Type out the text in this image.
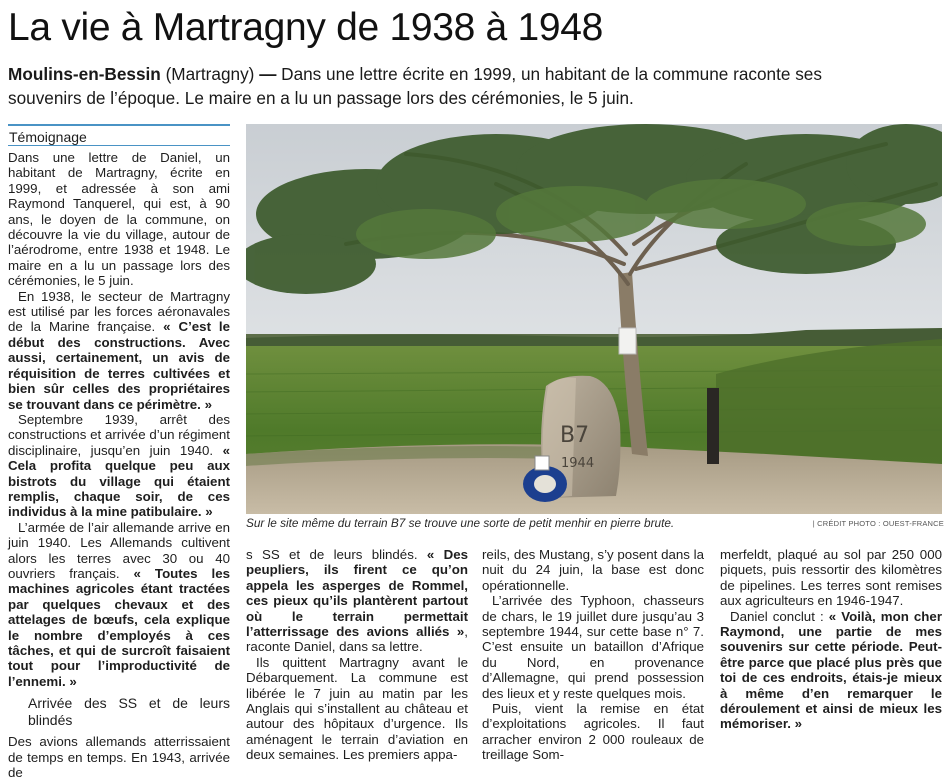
La vie à Martragny de 1938 à 1948

Moulins-en-Bessin (Martragny) — Dans une lettre écrite en 1999, un habitant de la commune raconte ses souvenirs de l’époque. Le maire en a lu un passage lors des cérémonies, le 5 juin.

Témoignage

Dans une lettre de Daniel, un habitant de Martragny, écrite en 1999, et adressée à son ami Raymond Tanquerel, qui est, à 90 ans, le doyen de la commune, on découvre la vie du village, autour de l’aérodrome, entre 1938 et 1948. Le maire en a lu un passage lors des cérémonies, le 5 juin.

En 1938, le secteur de Martragny est utilisé par les forces aéronavales de la Marine française. « C’est le début des constructions. Avec aussi, certainement, un avis de réquisition de terres cultivées et bien sûr celles des propriétaires se trouvant dans ce périmètre. »

Septembre 1939, arrêt des constructions et arrivée d’un régiment disciplinaire, jusqu’en juin 1940. « Cela profita quelque peu aux bistrots du village qui étaient remplis, chaque soir, de ces individus à la mine patibulaire. »

L’armée de l’air allemande arrive en juin 1940. Les Allemands cultivent alors les terres avec 30 ou 40 ouvriers français. « Toutes les machines agricoles étant tractées par quelques chevaux et des attelages de bœufs, cela explique le nombre d’employés à ces tâches, et qui de surcroît faisaient tout pour l’improductivité de l’ennemi. »

Arrivée des SS et de leurs blindés

Des avions allemands atterrissaient de temps en temps. En 1943, arrivée de

B7
1944
Sur le site même du terrain B7 se trouve une sorte de petit menhir en pierre brute.	| CRÉDIT PHOTO : OUEST-FRANCE

s SS et de leurs blindés. « Des peupliers, ils firent ce qu’on appela les asperges de Rommel, ces pieux qu’ils plantèrent partout où le terrain permettait l’atterrissage des avions alliés », raconte Daniel, dans sa lettre.

Ils quittent Martragny avant le Débarquement. La commune est libérée le 7 juin au matin par les Anglais qui s’installent au château et autour des hôpitaux d’urgence. Ils aménagent le terrain d’aviation en deux semaines. Les premiers appa-

reils, des Mustang, s’y posent dans la nuit du 24 juin, la base est donc opérationnelle.

L’arrivée des Typhoon, chasseurs de chars, le 19 juillet dure jusqu’au 3 septembre 1944, sur cette base n° 7. C’est ensuite un bataillon d’Afrique du Nord, en provenance d’Allemagne, qui prend possession des lieux et y reste quelques mois.

Puis, vient la remise en état d’exploitations agricoles. Il faut arracher environ 2 000 rouleaux de treillage Som-

merfeldt, plaqué au sol par 250 000 piquets, puis ressortir des kilomètres de pipelines. Les terres sont remises aux agriculteurs en 1946-1947.

Daniel conclut : « Voilà, mon cher Raymond, une partie de mes souvenirs sur cette période. Peut-être parce que placé plus près que toi de ces endroits, étais-je mieux à même d’en remarquer le déroulement et ainsi de mieux les mémoriser. »
